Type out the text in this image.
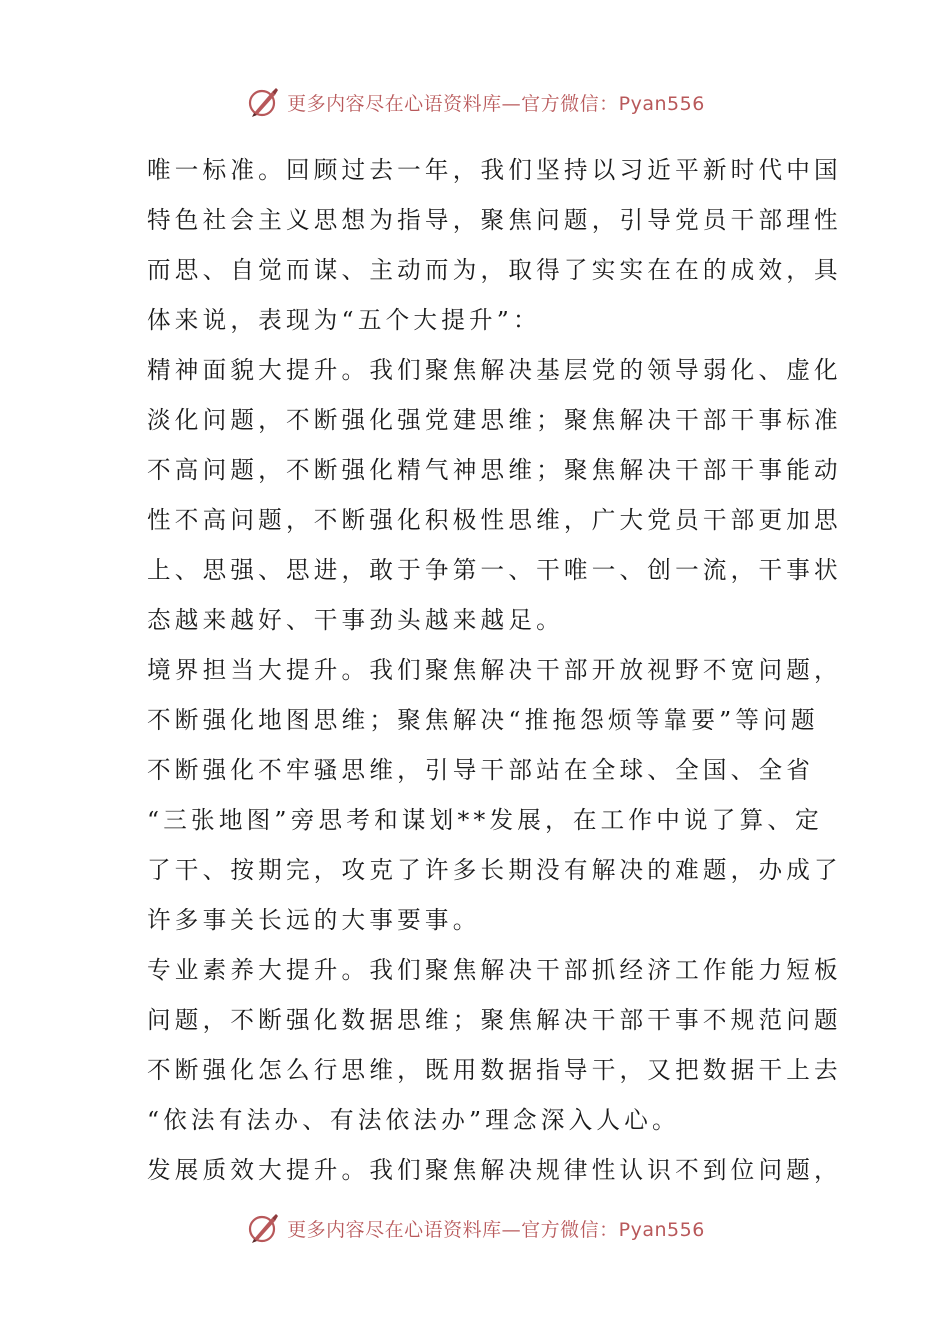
更多内容尽在心语资料库—官方微信：Pyan556
唯一标准。回顾过去一年，我们坚持以习近平新时代中国
特色社会主义思想为指导，聚焦问题，引导党员干部理性
而思、自觉而谋、主动而为，取得了实实在在的成效，具
体来说，表现为“五个大提升”：
精神面貌大提升。我们聚焦解决基层党的领导弱化、虚化
淡化问题，不断强化强党建思维；聚焦解决干部干事标准
不高问题，不断强化精气神思维；聚焦解决干部干事能动
性不高问题，不断强化积极性思维，广大党员干部更加思
上、思强、思进，敢于争第一、干唯一、创一流，干事状
态越来越好、干事劲头越来越足。
境界担当大提升。我们聚焦解决干部开放视野不宽问题，
不断强化地图思维；聚焦解决“推拖怨烦等靠要”等问题
不断强化不牢骚思维，引导干部站在全球、全国、全省
“三张地图”旁思考和谋划**发展，在工作中说了算、定
了干、按期完，攻克了许多长期没有解决的难题，办成了
许多事关长远的大事要事。
专业素养大提升。我们聚焦解决干部抓经济工作能力短板
问题，不断强化数据思维；聚焦解决干部干事不规范问题
不断强化怎么行思维，既用数据指导干，又把数据干上去
“依法有法办、有法依法办”理念深入人心。
发展质效大提升。我们聚焦解决规律性认识不到位问题，
更多内容尽在心语资料库—官方微信：Pyan556
